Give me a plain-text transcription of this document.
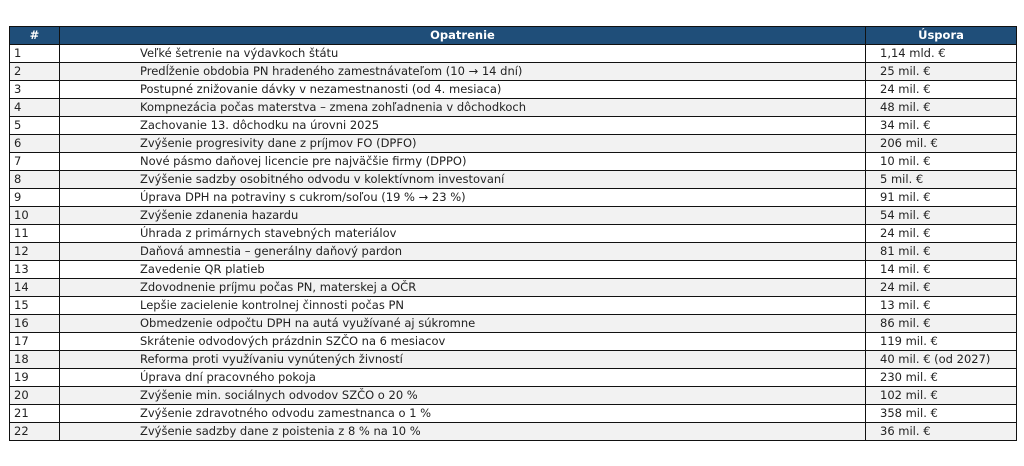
#	Opatrenie	Úspora
1	Veľké šetrenie na výdavkoch štátu	1,14 mld. €
2	Predĺženie obdobia PN hradeného zamestnávateľom (10 → 14 dní)	25 mil. €
3	Postupné znižovanie dávky v nezamestnanosti (od 4. mesiaca)	24 mil. €
4	Kompnezácia počas materstva – zmena zohľadnenia v dôchodkoch	48 mil. €
5	Zachovanie 13. dôchodku na úrovni 2025	34 mil. €
6	Zvýšenie progresivity dane z príjmov FO (DPFO)	206 mil. €
7	Nové pásmo daňovej licencie pre najväčšie firmy (DPPO)	10 mil. €
8	Zvýšenie sadzby osobitného odvodu v kolektívnom investovaní	5 mil. €
9	Úprava DPH na potraviny s cukrom/soľou (19 % → 23 %)	91 mil. €
10	Zvýšenie zdanenia hazardu	54 mil. €
11	Úhrada z primárnych stavebných materiálov	24 mil. €
12	Daňová amnestia – generálny daňový pardon	81 mil. €
13	Zavedenie QR platieb	14 mil. €
14	Zdovodnenie príjmu počas PN, materskej a OČR	24 mil. €
15	Lepšie zacielenie kontrolnej činnosti počas PN	13 mil. €
16	Obmedzenie odpočtu DPH na autá využívané aj súkromne	86 mil. €
17	Skrátenie odvodových prázdnin SZČO na 6 mesiacov	119 mil. €
18	Reforma proti využívaniu vynútených živností	40 mil. € (od 2027)
19	Úprava dní pracovného pokoja	230 mil. €
20	Zvýšenie min. sociálnych odvodov SZČO o 20 %	102 mil. €
21	Zvýšenie zdravotného odvodu zamestnanca o 1 %	358 mil. €
22	Zvýšenie sadzby dane z poistenia z 8 % na 10 %	36 mil. €
